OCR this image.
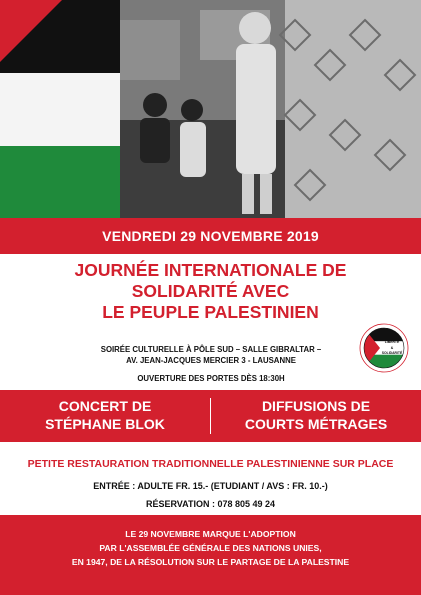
VENDREDI 29 NOVEMBRE 2019
JOURNÉE INTERNATIONALE DE
SOLIDARITÉ AVEC
LE PEUPLE PALESTINIEN
SOIRÉE CULTURELLE À PÔLE SUD – SALLE GIBRALTAR –
AV. JEAN-JACQUES MERCIER 3 - LAUSANNE
OUVERTURE DES PORTES DÈS 18:30H
LIBERTÉ
&
SOLIDARITÉ
CONCERT DE
STÉPHANE BLOK
DIFFUSIONS DE
COURTS MÉTRAGES
PETITE RESTAURATION TRADITIONNELLE PALESTINIENNE SUR PLACE
ENTRÉE : ADULTE FR. 15.- (ETUDIANT / AVS : FR. 10.-)
RÉSERVATION : 078 805 49 24
LE 29 NOVEMBRE MARQUE L'ADOPTION
PAR L'ASSEMBLÉE GÉNÉRALE DES NATIONS UNIES,
EN 1947, DE LA RÉSOLUTION SUR LE PARTAGE DE LA PALESTINE
